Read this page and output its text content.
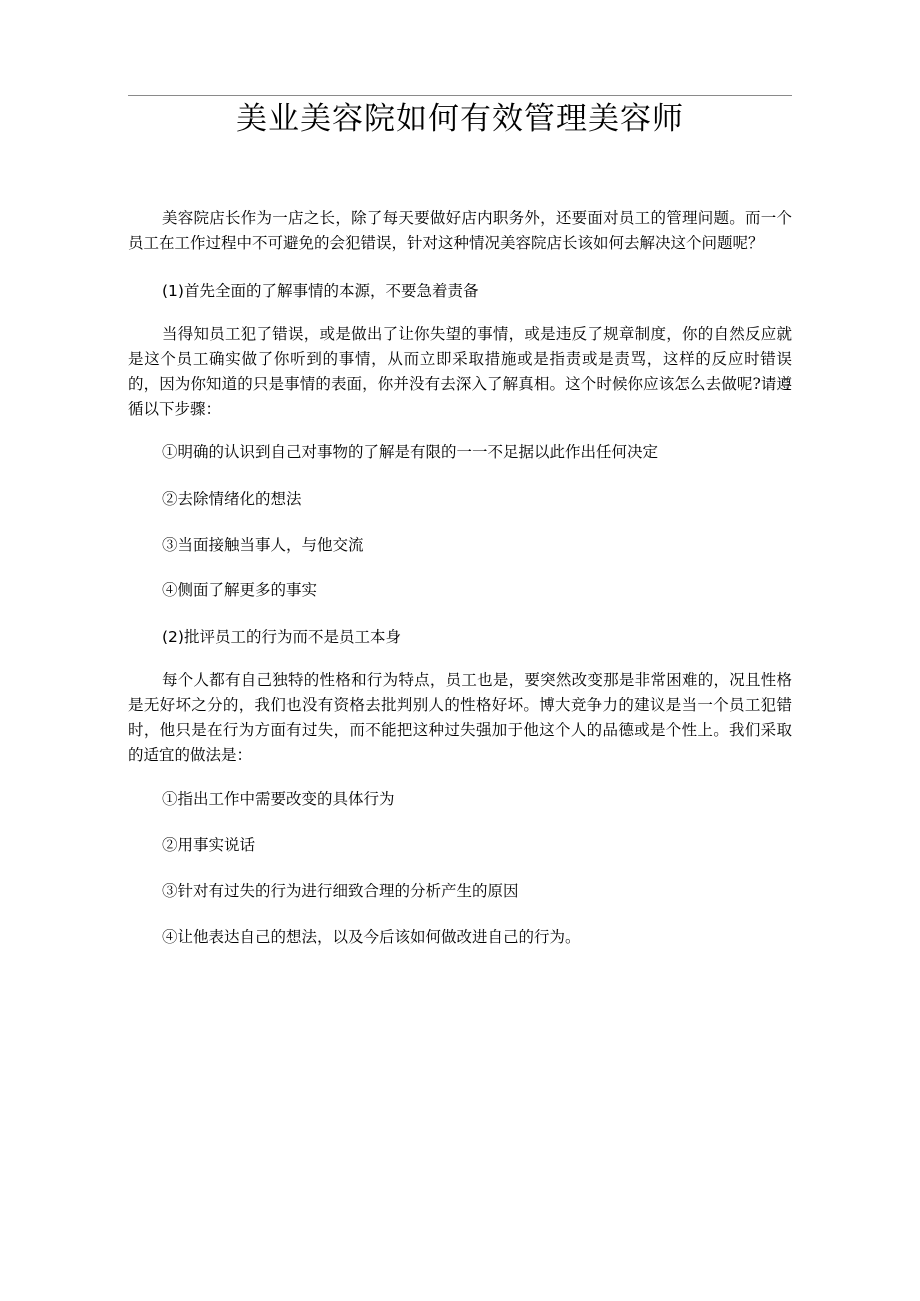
美业美容院如何有效管理美容师

美容院店长作为一店之长，除了每天要做好店内职务外，还要面对员工的管理问题。而一个员工在工作过程中不可避免的会犯错误，针对这种情况美容院店长该如何去解决这个问题呢？

(1)首先全面的了解事情的本源，不要急着责备

当得知员工犯了错误，或是做出了让你失望的事情，或是违反了规章制度，你的自然反应就是这个员工确实做了你听到的事情，从而立即采取措施或是指责或是责骂，这样的反应时错误的，因为你知道的只是事情的表面，你并没有去深入了解真相。这个时候你应该怎么去做呢?请遵循以下步骤：

①明确的认识到自己对事物的了解是有限的一一不足据以此作出任何决定

②去除情绪化的想法

③当面接触当事人，与他交流

④侧面了解更多的事实

(2)批评员工的行为而不是员工本身

每个人都有自己独特的性格和行为特点，员工也是，要突然改变那是非常困难的，况且性格是无好坏之分的，我们也没有资格去批判别人的性格好坏。博大竞争力的建议是当一个员工犯错时，他只是在行为方面有过失，而不能把这种过失强加于他这个人的品德或是个性上。我们采取的适宜的做法是：

①指出工作中需要改变的具体行为

②用事实说话

③针对有过失的行为进行细致合理的分析产生的原因

④让他表达自己的想法，以及今后该如何做改进自己的行为。
